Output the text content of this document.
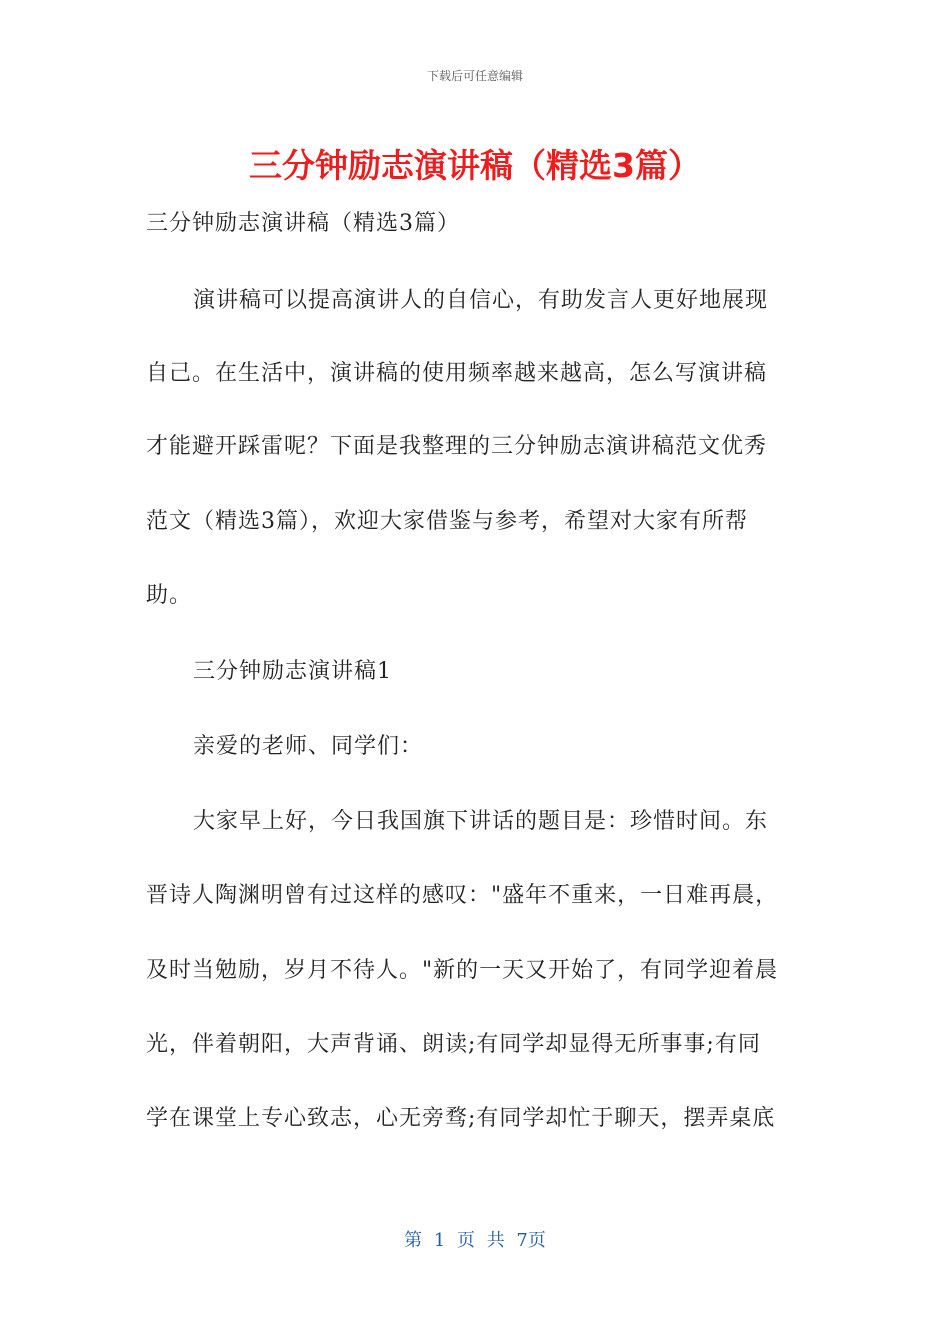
下载后可任意编辑
三分钟励志演讲稿（精选3篇）
三分钟励志演讲稿（精选3篇）
演讲稿可以提高演讲人的自信心，有助发言人更好地展现
自己。在生活中，演讲稿的使用频率越来越高，怎么写演讲稿
才能避开踩雷呢？下面是我整理的三分钟励志演讲稿范文优秀
范文（精选3篇），欢迎大家借鉴与参考，希望对大家有所帮
助。
三分钟励志演讲稿1
亲爱的老师、同学们：
大家早上好，今日我国旗下讲话的题目是：珍惜时间。东
晋诗人陶渊明曾有过这样的感叹："盛年不重来，一日难再晨，
及时当勉励，岁月不待人。"新的一天又开始了，有同学迎着晨
光，伴着朝阳，大声背诵、朗读;有同学却显得无所事事;有同
学在课堂上专心致志，心无旁骛;有同学却忙于聊天，摆弄桌底
第 1 页 共 7页
